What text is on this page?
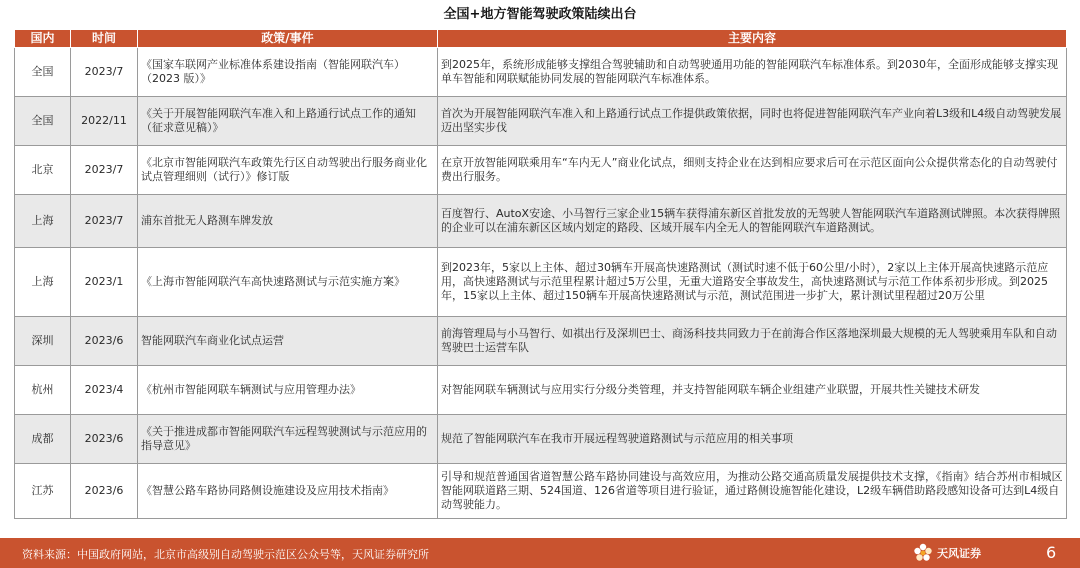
全国+地方智能驾驶政策陆续出台
国内	时间	政策/事件	主要内容
全国	2023/7	《国家车联网产业标准体系建设指南（智能网联汽车）（2023 版）》	到2025年，系统形成能够支撑组合驾驶辅助和自动驾驶通用功能的智能网联汽车标准体系。到2030年，全面形成能够支撑实现单车智能和网联赋能协同发展的智能网联汽车标准体系。
全国	2022/11	《关于开展智能网联汽车准入和上路通行试点工作的通知（征求意见稿）》	首次为开展智能网联汽车准入和上路通行试点工作提供政策依据，同时也将促进智能网联汽车产业向着L3级和L4级自动驾驶发展迈出坚实步伐
北京	2023/7	《北京市智能网联汽车政策先行区自动驾驶出行服务商业化试点管理细则（试行）》修订版	在京开放智能网联乘用车“车内无人”商业化试点，细则支持企业在达到相应要求后可在示范区面向公众提供常态化的自动驾驶付费出行服务。
上海	2023/7	浦东首批无人路测车牌发放	百度智行、AutoX安途、小马智行三家企业15辆车获得浦东新区首批发放的无驾驶人智能网联汽车道路测试牌照。本次获得牌照的企业可以在浦东新区区域内划定的路段、区域开展车内全无人的智能网联汽车道路测试。
上海	2023/1	《上海市智能网联汽车高快速路测试与示范实施方案》	到2023年，5家以上主体、超过30辆车开展高快速路测试（测试时速不低于60公里/小时），2家以上主体开展高快速路示范应用，高快速路测试与示范里程累计超过5万公里，无重大道路安全事故发生，高快速路测试与示范工作体系初步形成。到2025年，15家以上主体、超过150辆车开展高快速路测试与示范，测试范围进一步扩大，累计测试里程超过20万公里
深圳	2023/6	智能网联汽车商业化试点运营	前海管理局与小马智行、如祺出行及深圳巴士、商汤科技共同致力于在前海合作区落地深圳最大规模的无人驾驶乘用车队和自动驾驶巴士运营车队
杭州	2023/4	《杭州市智能网联车辆测试与应用管理办法》	对智能网联车辆测试与应用实行分级分类管理，并支持智能网联车辆企业组建产业联盟，开展共性关键技术研发
成都	2023/6	《关于推进成都市智能网联汽车远程驾驶测试与示范应用的指导意见》	规范了智能网联汽车在我市开展远程驾驶道路测试与示范应用的相关事项
江苏	2023/6	《智慧公路车路协同路侧设施建设及应用技术指南》	引导和规范普通国省道智慧公路车路协同建设与高效应用，为推动公路交通高质量发展提供技术支撑，《指南》结合苏州市相城区智能网联道路三期、524国道、126省道等项目进行验证，通过路侧设施智能化建设，L2级车辆借助路段感知设备可达到L4级自动驾驶能力。
资料来源：中国政府网站，北京市高级别自动驾驶示范区公众号等，天风证券研究所	天风证券	6
